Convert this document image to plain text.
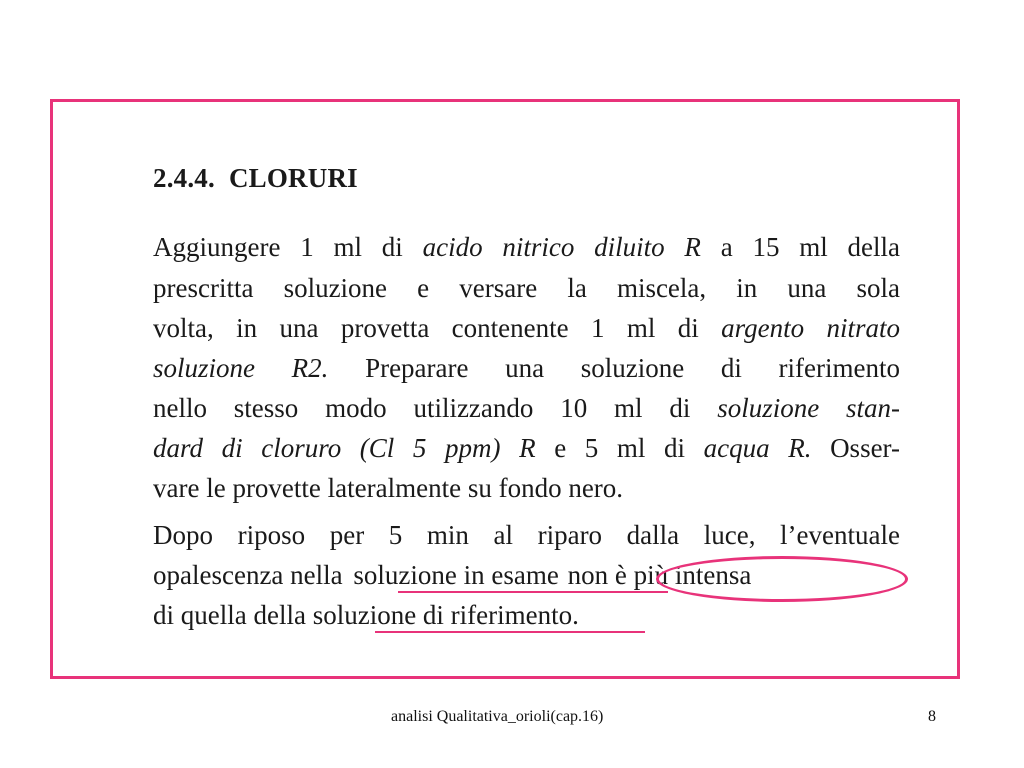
2.4.4. CLORURI
Aggiungere 1 ml di acido nitrico diluito R a 15 ml della
prescritta soluzione e versare la miscela, in una sola
volta, in una provetta contenente 1 ml di argento nitrato
soluzione R2. Preparare una soluzione di riferimento
nello stesso modo utilizzando 10 ml di soluzione stan-
dard di cloruro (Cl 5 ppm) R e 5 ml di acqua R. Osser-
vare le provette lateralmente su fondo nero.
Dopo riposo per 5 min al riparo dalla luce, l’eventuale
opalescenza nella soluzione in esame non è più intensa
di quella della soluzione di riferimento.
analisi Qualitativa_orioli(cap.16)	8
